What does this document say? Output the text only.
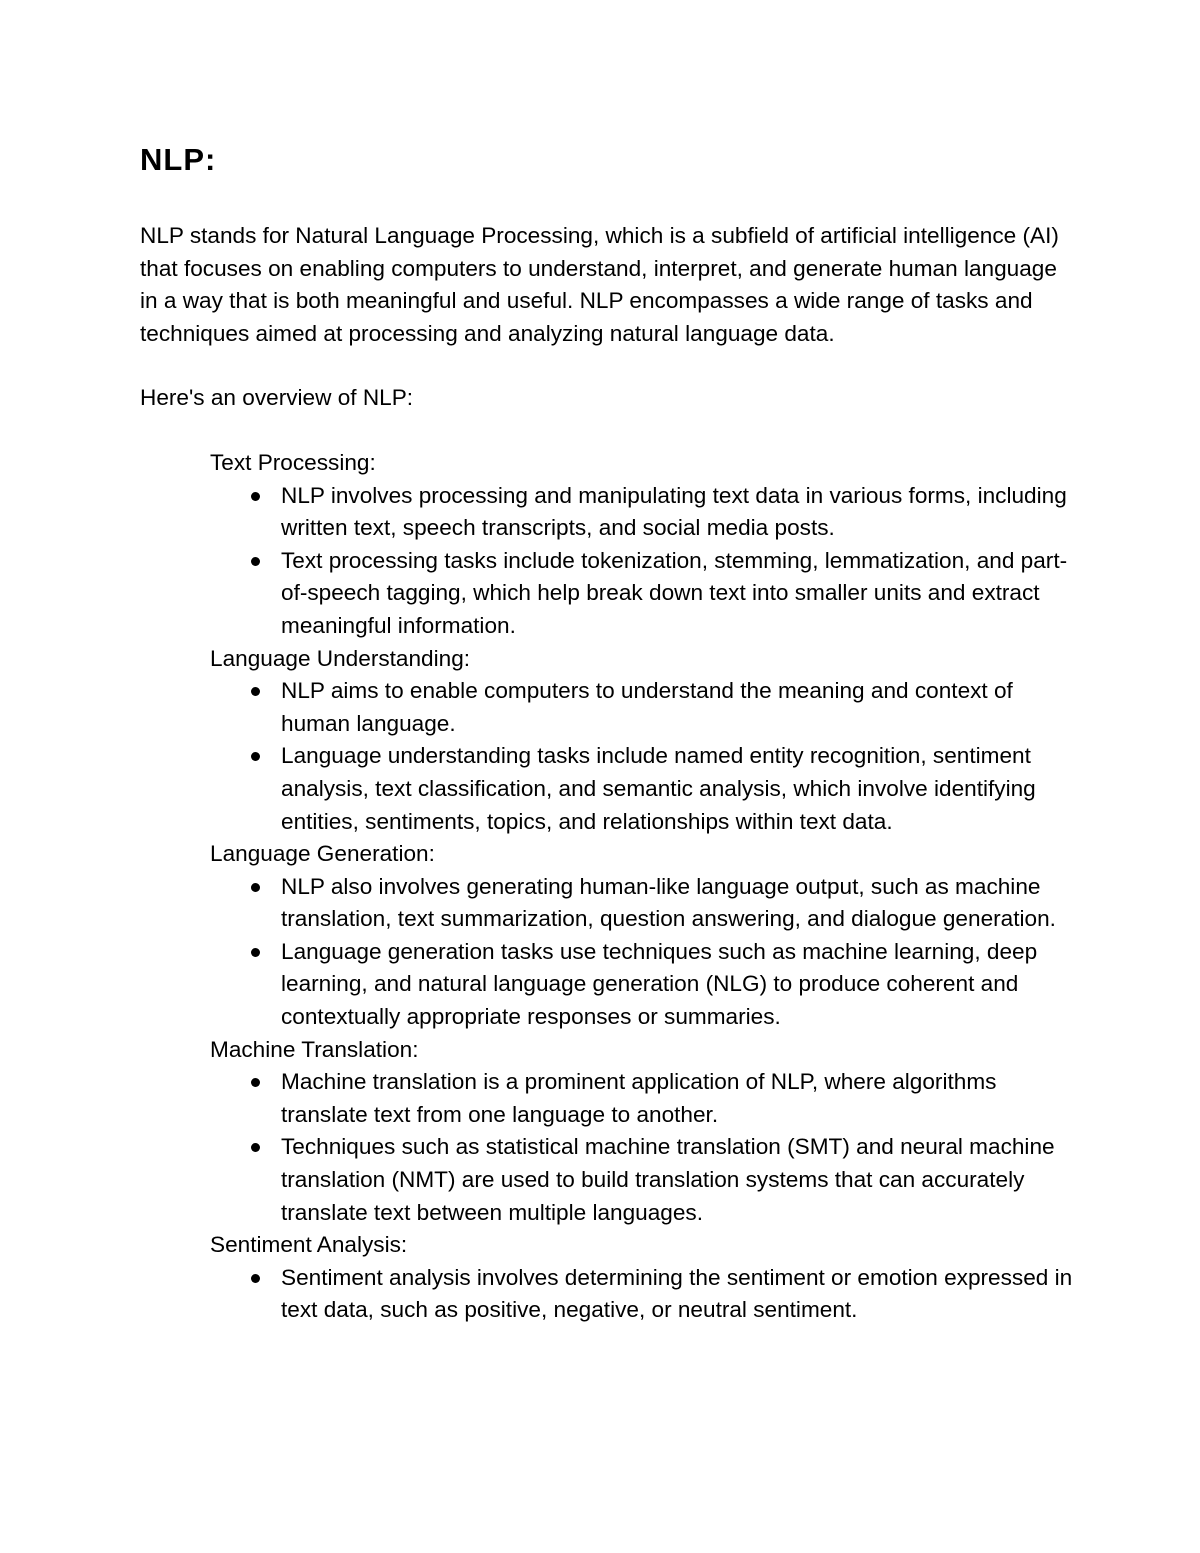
NLP:

NLP stands for Natural Language Processing, which is a subfield of artificial intelligence (AI) that focuses on enabling computers to understand, interpret, and generate human language in a way that is both meaningful and useful. NLP encompasses a wide range of tasks and techniques aimed at processing and analyzing natural language data.

Here's an overview of NLP:

Text Processing:

NLP involves processing and manipulating text data in various forms, including written text, speech transcripts, and social media posts.
Text processing tasks include tokenization, stemming, lemmatization, and part-of-speech tagging, which help break down text into smaller units and extract meaningful information.

Language Understanding:

NLP aims to enable computers to understand the meaning and context of human language.
Language understanding tasks include named entity recognition, sentiment analysis, text classification, and semantic analysis, which involve identifying entities, sentiments, topics, and relationships within text data.

Language Generation:

NLP also involves generating human-like language output, such as machine translation, text summarization, question answering, and dialogue generation.
Language generation tasks use techniques such as machine learning, deep learning, and natural language generation (NLG) to produce coherent and contextually appropriate responses or summaries.

Machine Translation:

Machine translation is a prominent application of NLP, where algorithms translate text from one language to another.
Techniques such as statistical machine translation (SMT) and neural machine translation (NMT) are used to build translation systems that can accurately translate text between multiple languages.

Sentiment Analysis:

Sentiment analysis involves determining the sentiment or emotion expressed in text data, such as positive, negative, or neutral sentiment.
